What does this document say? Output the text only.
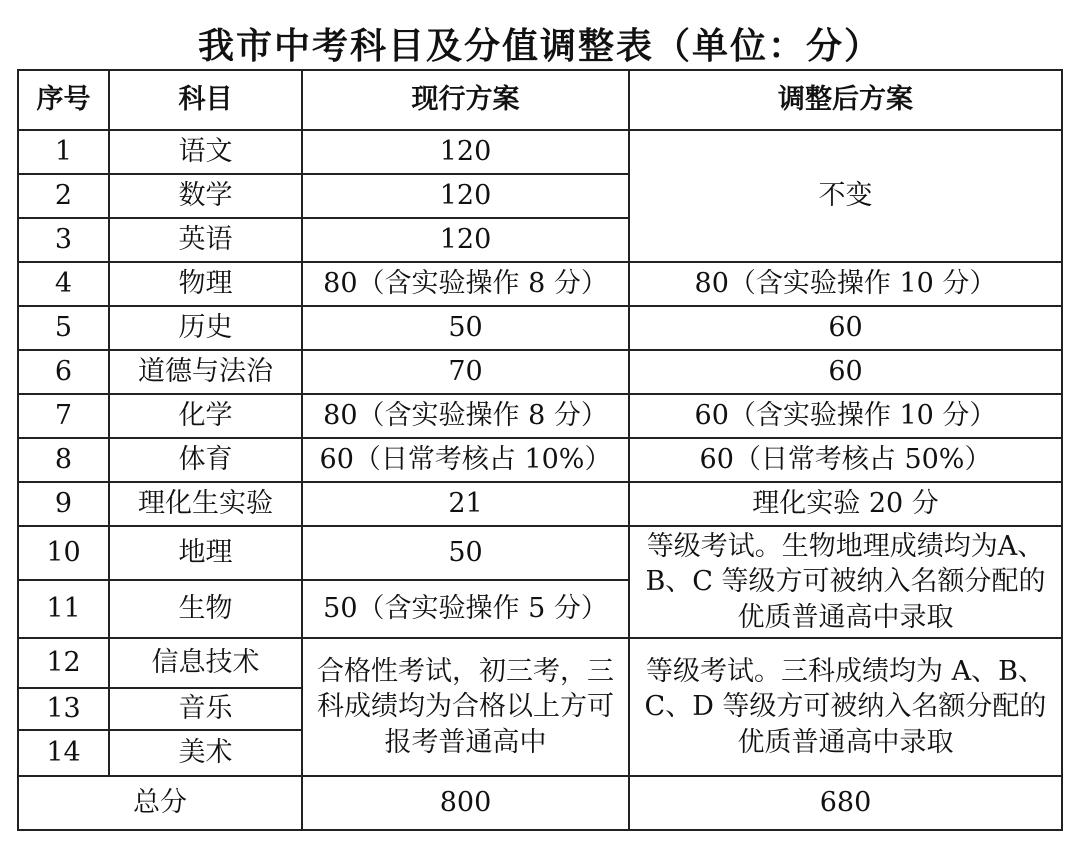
我市中考科目及分值调整表（单位：分）
序号	科目	现行方案	调整后方案
1	语文	120	不变
2	数学	120	
3	英语	120	
4	物理	80（含实验操作 8 分）	80（含实验操作 10 分）
5	历史	50	60
6	道德与法治	70	60
7	化学	80（含实验操作 8 分）	60（含实验操作 10 分）
8	体育	60（日常考核占 10%）	60（日常考核占 50%）
9	理化生实验	21	理化实验 20 分
10	地理	50	等级考试。生物地理成绩均为A、B、C 等级方可被纳入名额分配的优质普通高中录取
11	生物	50（含实验操作 5 分）	
12	信息技术	合格性考试，初三考，三科成绩均为合格以上方可报考普通高中	等级考试。三科成绩均为 A、B、C、D 等级方可被纳入名额分配的优质普通高中录取
13	音乐		
14	美术		
总分		800	680
